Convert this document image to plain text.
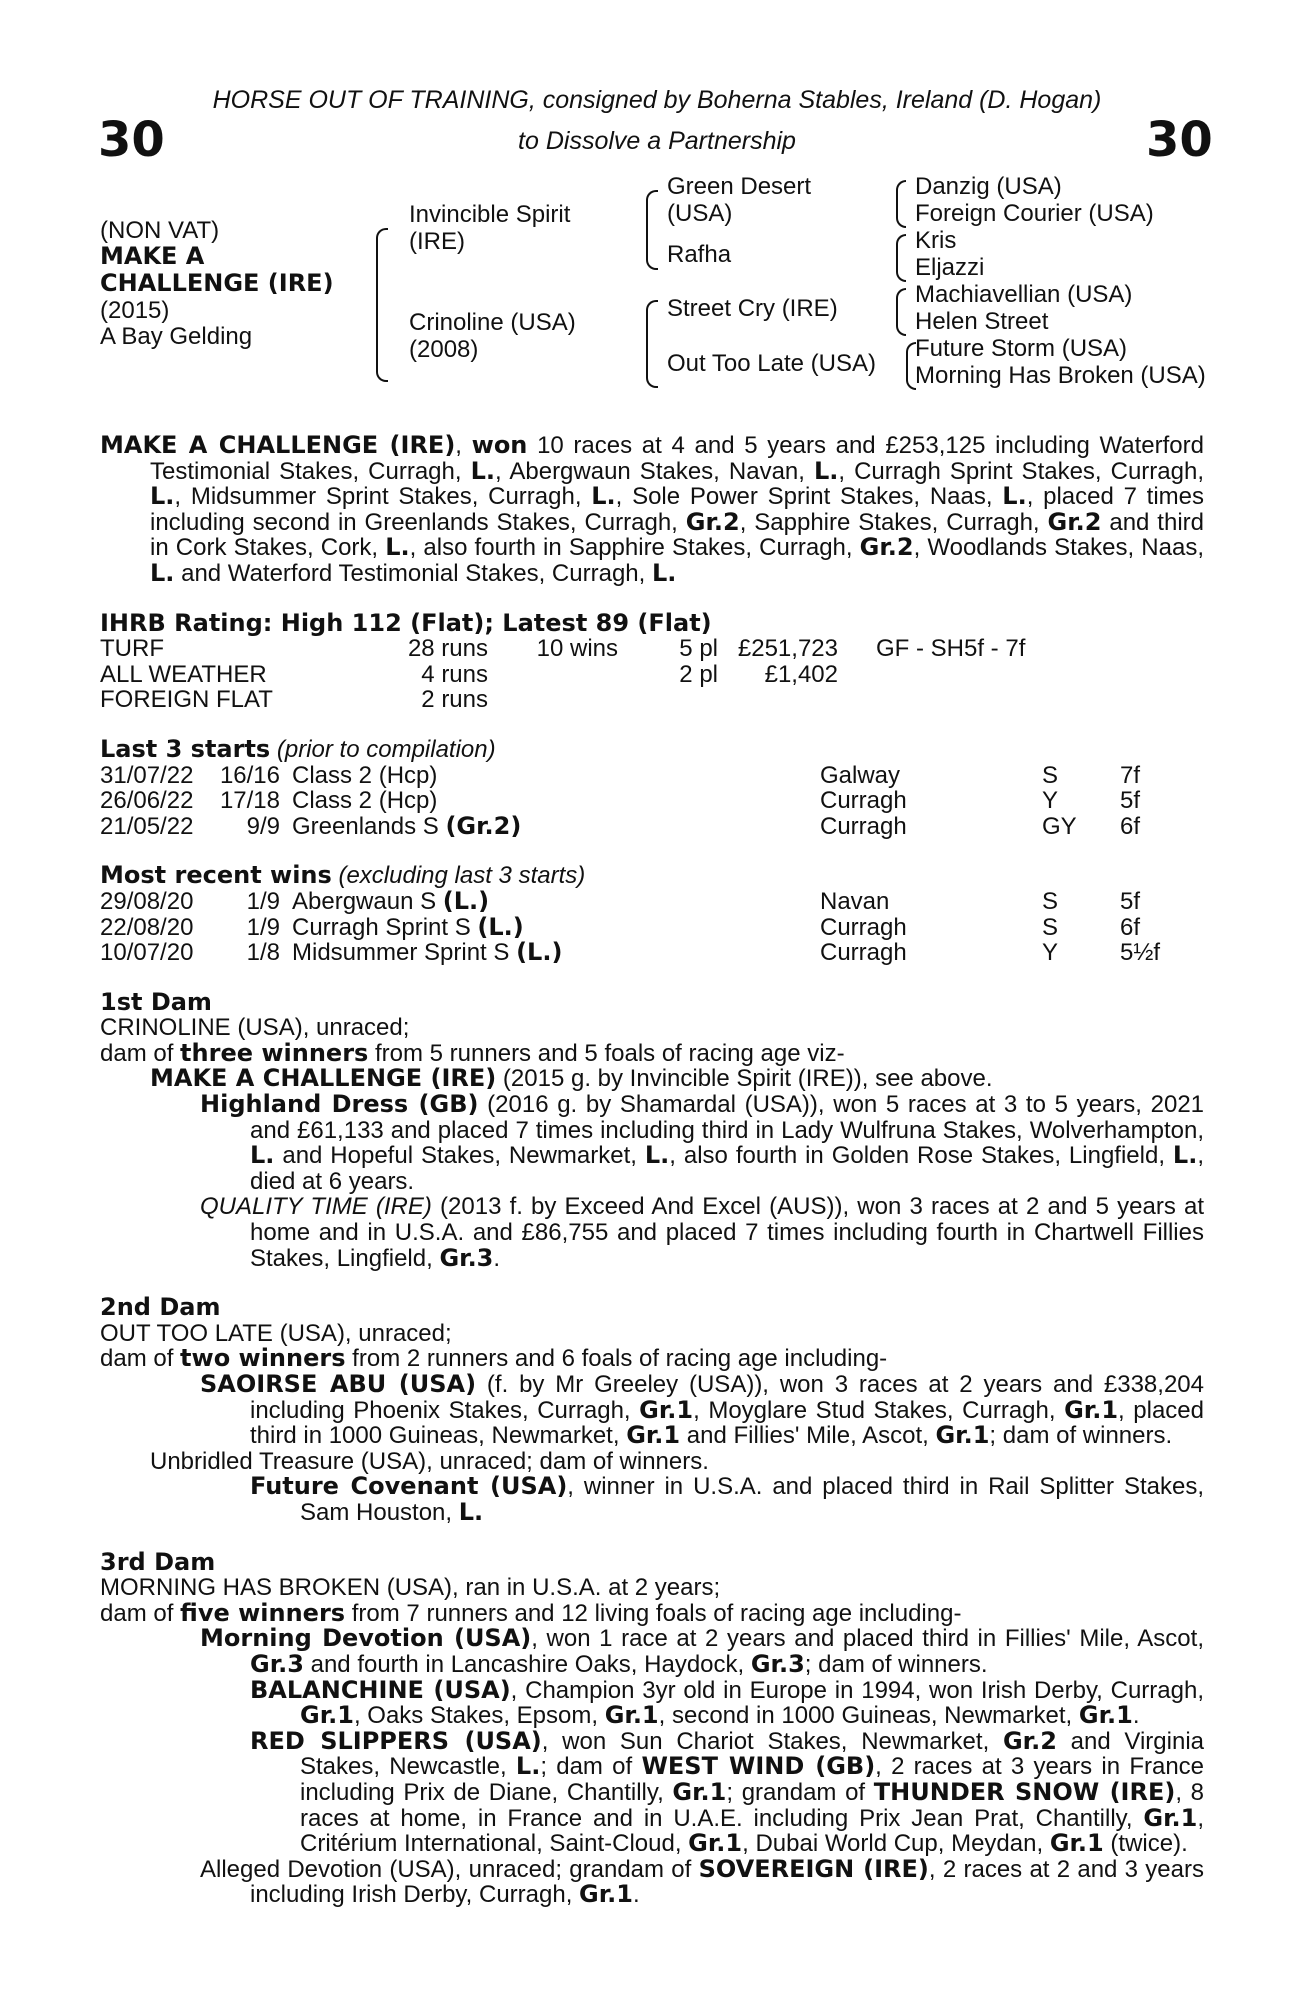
HORSE OUT OF TRAINING, consigned by Boherna Stables, Ireland (D. Hogan)
to Dissolve a Partnership
30	30
(NON VAT)
MAKE A
CHALLENGE (IRE)
(2015)
A Bay Gelding
Invincible Spirit
(IRE)
Crinoline (USA)
(2008)
Green Desert
(USA)
Rafha
Street Cry (IRE)
Out Too Late (USA)
Danzig (USA)
Foreign Courier (USA)
Kris
Eljazzi
Machiavellian (USA)
Helen Street
Future Storm (USA)
Morning Has Broken (USA)
MAKE A CHALLENGE (IRE), won 10 races at 4 and 5 years and £253,125 including Waterford Testimonial Stakes, Curragh, L., Abergwaun Stakes, Navan, L., Curragh Sprint Stakes, Curragh, L., Midsummer Sprint Stakes, Curragh, L., Sole Power Sprint Stakes, Naas, L., placed 7 times including second in Greenlands Stakes, Curragh, Gr.2, Sapphire Stakes, Curragh, Gr.2 and third in Cork Stakes, Cork, L., also fourth in Sapphire Stakes, Curragh, Gr.2, Woodlands Stakes, Naas, L. and Waterford Testimonial Stakes, Curragh, L.
IHRB Rating: High 112 (Flat); Latest 89 (Flat)
TURF	28 runs	10 wins	5 pl	£251,723	GF - SH	5f - 7f
ALL WEATHER	4 runs		2 pl	£1,402		
FOREIGN FLAT	2 runs					
Last 3 starts (prior to compilation)
31/07/22	16/16	Class 2 (Hcp)	Galway	S	7f
26/06/22	17/18	Class 2 (Hcp)	Curragh	Y	5f
21/05/22	9/9	Greenlands S (Gr.2)	Curragh	GY	6f
Most recent wins (excluding last 3 starts)
29/08/20	1/9	Abergwaun S (L.)	Navan	S	5f
22/08/20	1/9	Curragh Sprint S (L.)	Curragh	S	6f
10/07/20	1/8	Midsummer Sprint S (L.)	Curragh	Y	5½f
1st Dam
CRINOLINE (USA), unraced;
dam of three winners from 5 runners and 5 foals of racing age viz-
MAKE A CHALLENGE (IRE) (2015 g. by Invincible Spirit (IRE)), see above.
Highland Dress (GB) (2016 g. by Shamardal (USA)), won 5 races at 3 to 5 years, 2021 and £61,133 and placed 7 times including third in Lady Wulfruna Stakes, Wolverhampton, L. and Hopeful Stakes, Newmarket, L., also fourth in Golden Rose Stakes, Lingfield, L., died at 6 years.
QUALITY TIME (IRE) (2013 f. by Exceed And Excel (AUS)), won 3 races at 2 and 5 years at home and in U.S.A. and £86,755 and placed 7 times including fourth in Chartwell Fillies Stakes, Lingfield, Gr.3.
2nd Dam
OUT TOO LATE (USA), unraced;
dam of two winners from 2 runners and 6 foals of racing age including-
SAOIRSE ABU (USA) (f. by Mr Greeley (USA)), won 3 races at 2 years and £338,204 including Phoenix Stakes, Curragh, Gr.1, Moyglare Stud Stakes, Curragh, Gr.1, placed third in 1000 Guineas, Newmarket, Gr.1 and Fillies' Mile, Ascot, Gr.1; dam of winners.
Unbridled Treasure (USA), unraced; dam of winners.
Future Covenant (USA), winner in U.S.A. and placed third in Rail Splitter Stakes, Sam Houston, L.
3rd Dam
MORNING HAS BROKEN (USA), ran in U.S.A. at 2 years;
dam of five winners from 7 runners and 12 living foals of racing age including-
Morning Devotion (USA), won 1 race at 2 years and placed third in Fillies' Mile, Ascot, Gr.3 and fourth in Lancashire Oaks, Haydock, Gr.3; dam of winners.
BALANCHINE (USA), Champion 3yr old in Europe in 1994, won Irish Derby, Curragh, Gr.1, Oaks Stakes, Epsom, Gr.1, second in 1000 Guineas, Newmarket, Gr.1.
RED SLIPPERS (USA), won Sun Chariot Stakes, Newmarket, Gr.2 and Virginia Stakes, Newcastle, L.; dam of WEST WIND (GB), 2 races at 3 years in France including Prix de Diane, Chantilly, Gr.1; grandam of THUNDER SNOW (IRE), 8 races at home, in France and in U.A.E. including Prix Jean Prat, Chantilly, Gr.1, Critérium International, Saint-Cloud, Gr.1, Dubai World Cup, Meydan, Gr.1 (twice).
Alleged Devotion (USA), unraced; grandam of SOVEREIGN (IRE), 2 races at 2 and 3 years including Irish Derby, Curragh, Gr.1.
